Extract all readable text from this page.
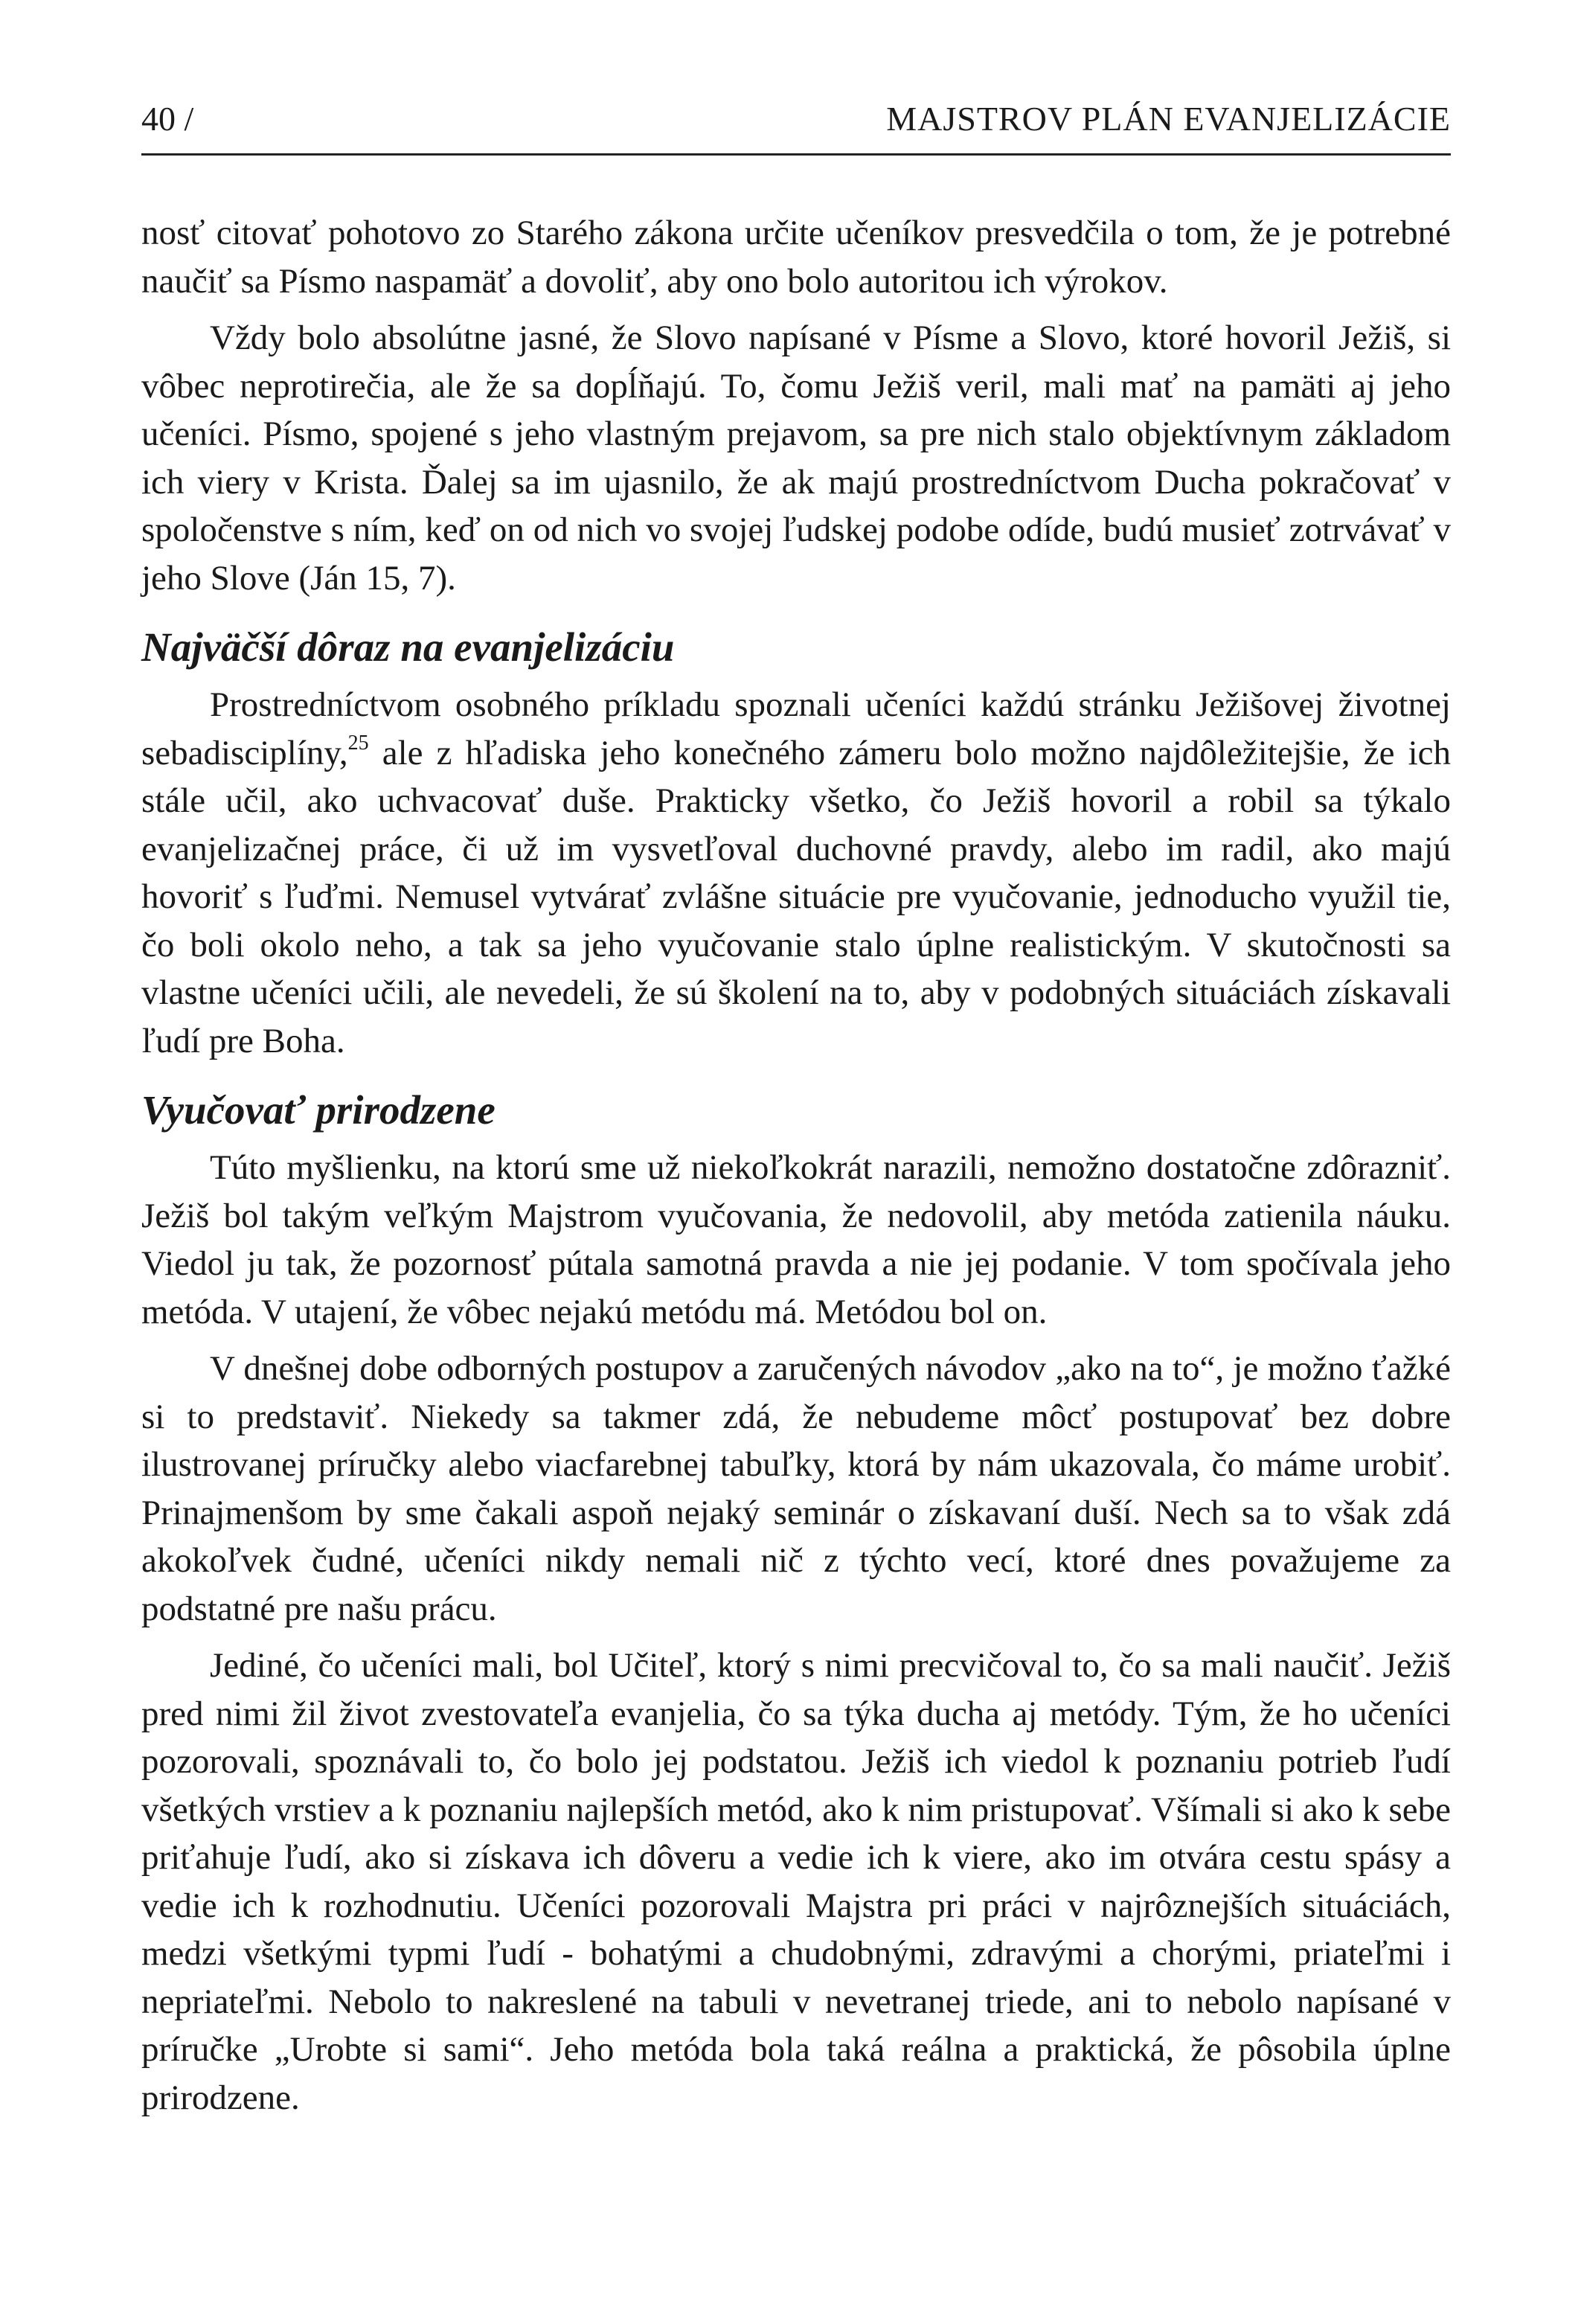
40 /	MAJSTROV PLÁN EVANJELIZÁCIE

nosť citovať pohotovo zo Starého zákona určite učeníkov presvedčila o tom, že je potrebné naučiť sa Písmo naspamäť a dovoliť, aby ono bolo autoritou ich výrokov.

Vždy bolo absolútne jasné, že Slovo napísané v Písme a Slovo, ktoré hovoril Ježiš, si vôbec neprotirečia, ale že sa dopĺňajú. To, čomu Ježiš veril, mali mať na pamäti aj jeho učeníci. Písmo, spojené s jeho vlastným prejavom, sa pre nich stalo objektívnym základom ich viery v Krista. Ďalej sa im ujasnilo, že ak majú prostredníctvom Ducha pokračovať v spoločenstve s ním, keď on od nich vo svojej ľudskej podobe odíde, budú musieť zotrvávať v jeho Slove (Ján 15, 7).

Najväčší dôraz na evanjelizáciu

Prostredníctvom osobného príkladu spoznali učeníci každú stránku Ježišovej životnej sebadisciplíny,$^{25}$ ale z hľadiska jeho konečného zámeru bolo možno najdôležitejšie, že ich stále učil, ako uchvacovať duše. Prakticky všetko, čo Ježiš hovoril a robil sa týkalo evanjelizačnej práce, či už im vysvetľoval duchovné pravdy, alebo im radil, ako majú hovoriť s ľuďmi. Nemusel vytvárať zvlášne situácie pre vyučovanie, jednoducho využil tie, čo boli okolo neho, a tak sa jeho vyučovanie stalo úplne realistickým. V skutočnosti sa vlastne učeníci učili, ale nevedeli, že sú školení na to, aby v podobných situáciách získavali ľudí pre Boha.

Vyučovať prirodzene

Túto myšlienku, na ktorú sme už niekoľkokrát narazili, nemožno dostatočne zdôrazniť. Ježiš bol takým veľkým Majstrom vyučovania, že nedovolil, aby metóda zatienila náuku. Viedol ju tak, že pozornosť pútala samotná pravda a nie jej podanie. V tom spočívala jeho metóda. V utajení, že vôbec nejakú metódu má. Metódou bol on.

V dnešnej dobe odborných postupov a zaručených návodov „ako na to“, je možno ťažké si to predstaviť. Niekedy sa takmer zdá, že nebudeme môcť postupovať bez dobre ilustrovanej príručky alebo viacfarebnej tabuľky, ktorá by nám ukazovala, čo máme urobiť. Prinajmenšom by sme čakali aspoň nejaký seminár o získavaní duší. Nech sa to však zdá akokoľvek čudné, učeníci nikdy nemali nič z týchto vecí, ktoré dnes považujeme za podstatné pre našu prácu.

Jediné, čo učeníci mali, bol Učiteľ, ktorý s nimi precvičoval to, čo sa mali naučiť. Ježiš pred nimi žil život zvestovateľa evanjelia, čo sa týka ducha aj metódy. Tým, že ho učeníci pozorovali, spoznávali to, čo bolo jej podstatou. Ježiš ich viedol k poznaniu potrieb ľudí všetkých vrstiev a k poznaniu najlepších metód, ako k nim pristupovať. Všímali si ako k sebe priťahuje ľudí, ako si získava ich dôveru a vedie ich k viere, ako im otvára cestu spásy a vedie ich k rozhodnutiu. Učeníci pozorovali Majstra pri práci v najrôznejších situáciách, medzi všetkými typmi ľudí - bohatými a chudobnými, zdravými a chorými, priateľmi i nepriateľmi. Nebolo to nakreslené na tabuli v nevetranej triede, ani to nebolo napísané v príručke „Urobte si sami“. Jeho metóda bola taká reálna a praktická, že pôsobila úplne prirodzene.
